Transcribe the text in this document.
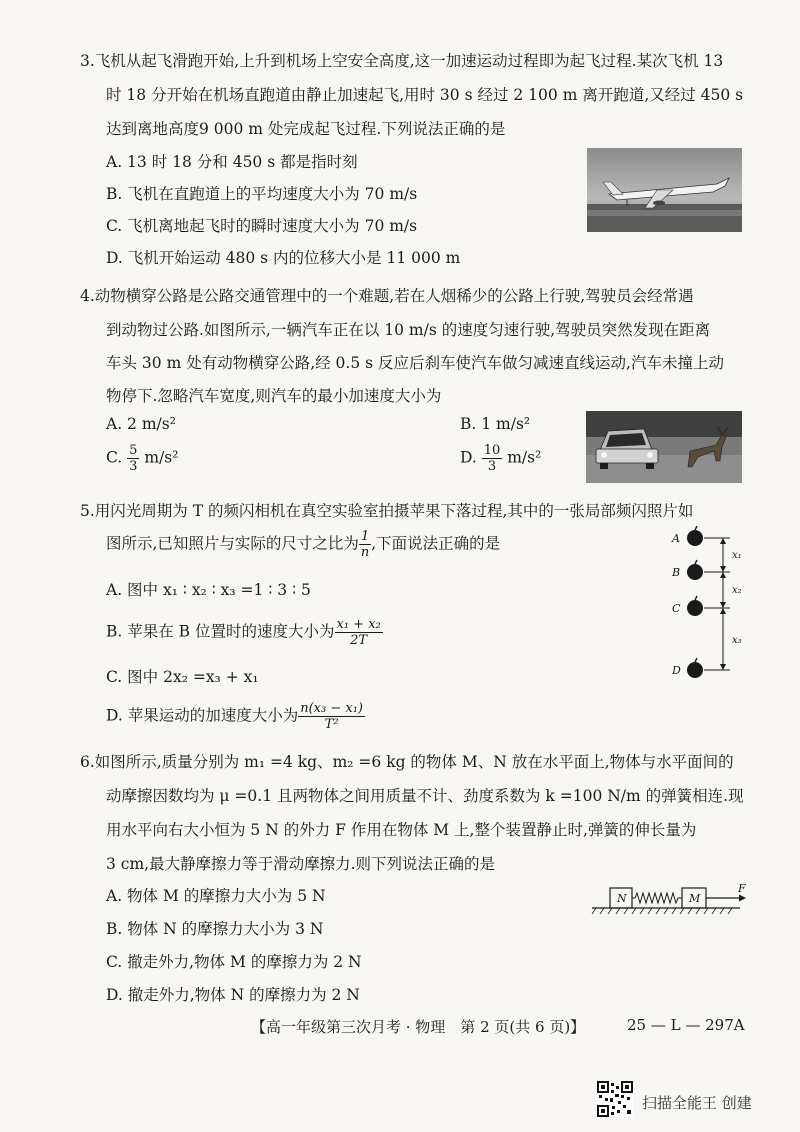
3.飞机从起飞滑跑开始,上升到机场上空安全高度,这一加速运动过程即为起飞过程.某次飞机 13
时 18 分开始在机场直跑道由静止加速起飞,用时 30 s 经过 2 100 m 离开跑道,又经过 450 s
达到离地高度9 000 m 处完成起飞过程.下列说法正确的是
A. 13 时 18 分和 450 s 都是指时刻
B. 飞机在直跑道上的平均速度大小为 70 m/s
C. 飞机离地起飞时的瞬时速度大小为 70 m/s
D. 飞机开始运动 480 s 内的位移大小是 11 000 m
4.动物横穿公路是公路交通管理中的一个难题,若在人烟稀少的公路上行驶,驾驶员会经常遇
到动物过公路.如图所示,一辆汽车正在以 10 m/s 的速度匀速行驶,驾驶员突然发现在距离
车头 30 m 处有动物横穿公路,经 0.5 s 反应后刹车使汽车做匀减速直线运动,汽车未撞上动
物停下.忽略汽车宽度,则汽车的最小加速度大小为
A. 2 m/s²	B. 1 m/s²
C. $\frac{5}{3} m/s^2$	D. $\frac{10}{3} m/s^2$
5.用闪光周期为 T 的频闪相机在真空实验室拍摄苹果下落过程,其中的一张局部频闪照片如
图所示,已知照片与实际的尺寸之比为 $\frac{1}{n}$ ,下面说法正确的是
A. 图中 x₁ ∶ x₂ ∶ x₃ =1 ∶ 3 ∶ 5
B. 苹果在 B 位置时的速度大小为 $\frac{\text{x₁ + x₂}}{2T}$
C. 图中 2x₂ =x₃ + x₁
D. 苹果运动的加速度大小为 $\frac{\text{n(x₃ − x₁)}}{\text{T²}}$
A
B
C
D
x₁
x₂
x₃
6.如图所示,质量分别为 m₁ =4 kg、m₂ =6 kg 的物体 M、N 放在水平面上,物体与水平面间的
动摩擦因数均为 μ =0.1 且两物体之间用质量不计、劲度系数为 k =100 N/m 的弹簧相连.现
用水平向右大小恒为 5 N 的外力 F 作用在物体 M 上,整个装置静止时,弹簧的伸长量为
3 cm,最大静摩擦力等于滑动摩擦力.则下列说法正确的是
A. 物体 M 的摩擦力大小为 5 N
B. 物体 N 的摩擦力大小为 3 N
C. 撤走外力,物体 M 的摩擦力为 2 N
D. 撤走外力,物体 N 的摩擦力为 2 N
N	M
F
【高一年级第三次月考 · 物理　第 2 页(共 6 页)】	25 — L — 297A
扫描全能王 创建
